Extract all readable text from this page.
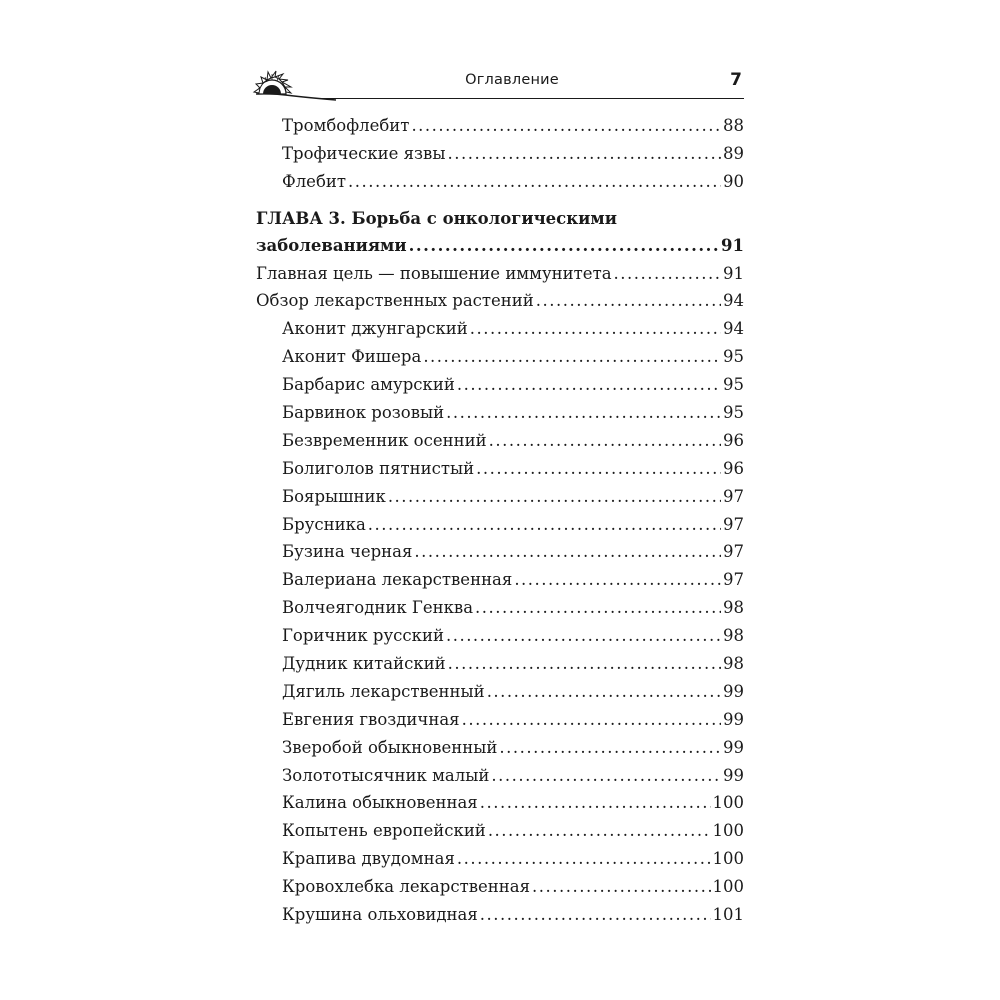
Оглавление	7
Тромбофлебит .....	88
Трофические язвы .....	89
Флебит .....	90
ГЛАВА 3. Борьба с онкологическими
заболеваниями .....	91
Главная цель — повышение иммунитета .....	91
Обзор лекарственных растений .....	94
Аконит джунгарский .....	94
Аконит Фишера .....	95
Барбарис амурский .....	95
Барвинок розовый .....	95
Безвременник осенний .....	96
Болиголов пятнистый .....	96
Боярышник .....	97
Брусника .....	97
Бузина черная .....	97
Валериана лекарственная .....	97
Волчеягодник Генква .....	98
Горичник русский .....	98
Дудник китайский .....	98
Дягиль лекарственный .....	99
Евгения гвоздичная .....	99
Зверобой обыкновенный .....	99
Золототысячник малый .....	99
Калина обыкновенная .....	100
Копытень европейский .....	100
Крапива двудомная .....	100
Кровохлебка лекарственная .....	100
Крушина ольховидная .....	101
